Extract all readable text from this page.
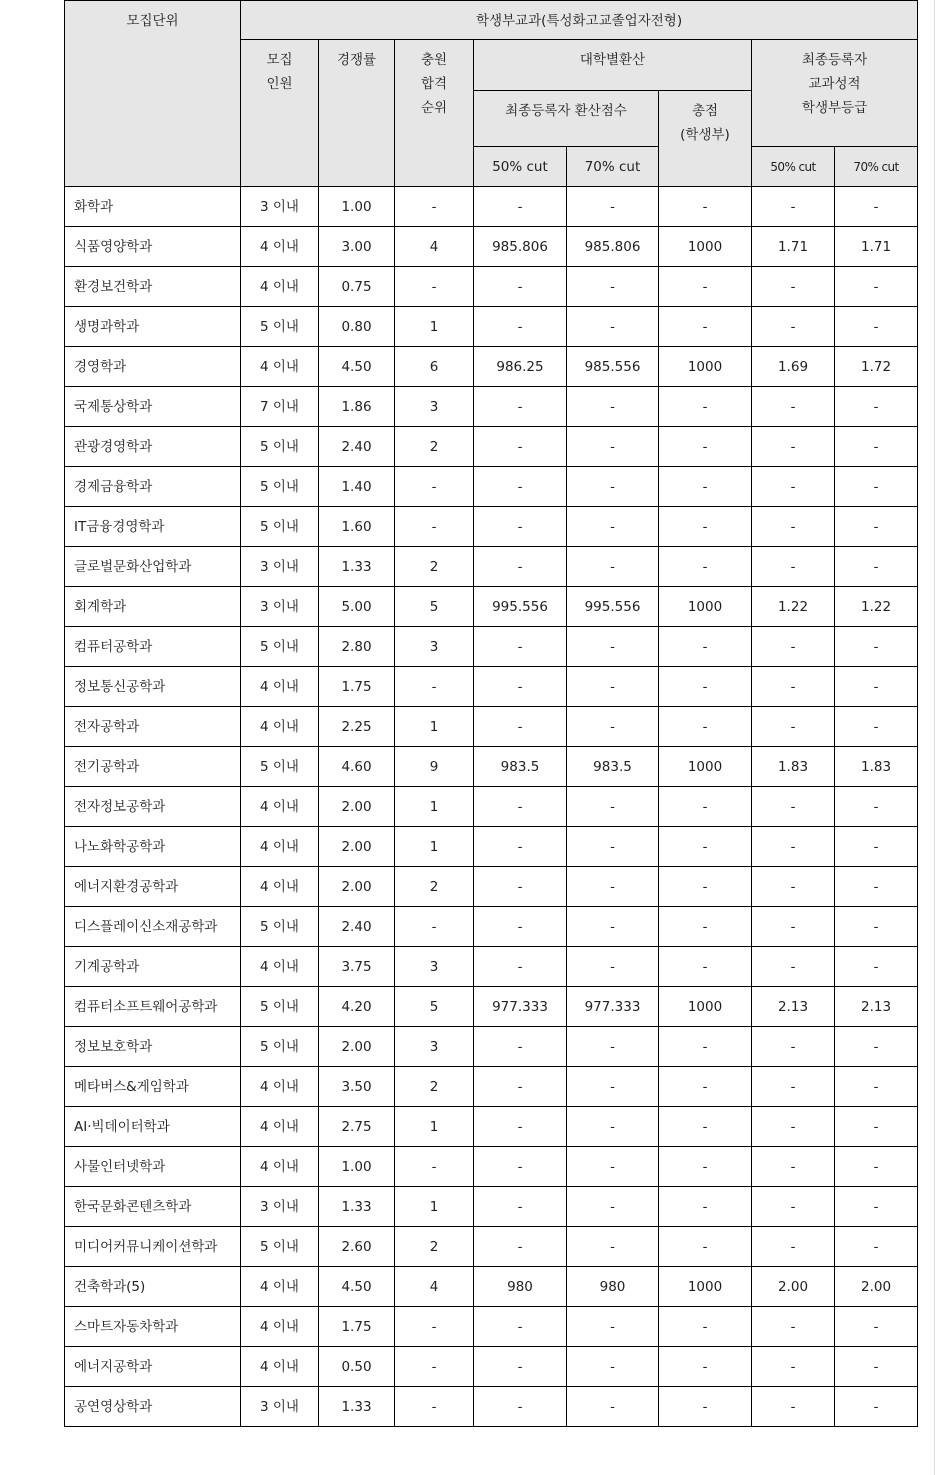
모집단위	학생부교과(특성화고교졸업자전형)							
	모집
인원	경쟁률	충원
합격
순위	대학별환산			최종등록자
교과성적
학생부등급	
				최종등록자 환산점수		총점
(학생부)		
				50% cut	70% cut		50% cut	70% cut
화학과	3 이내	1.00	-	-	-	-	-	-
식품영양학과	4 이내	3.00	4	985.806	985.806	1000	1.71	1.71
환경보건학과	4 이내	0.75	-	-	-	-	-	-
생명과학과	5 이내	0.80	1	-	-	-	-	-
경영학과	4 이내	4.50	6	986.25	985.556	1000	1.69	1.72
국제통상학과	7 이내	1.86	3	-	-	-	-	-
관광경영학과	5 이내	2.40	2	-	-	-	-	-
경제금융학과	5 이내	1.40	-	-	-	-	-	-
IT금융경영학과	5 이내	1.60	-	-	-	-	-	-
글로벌문화산업학과	3 이내	1.33	2	-	-	-	-	-
회계학과	3 이내	5.00	5	995.556	995.556	1000	1.22	1.22
컴퓨터공학과	5 이내	2.80	3	-	-	-	-	-
정보통신공학과	4 이내	1.75	-	-	-	-	-	-
전자공학과	4 이내	2.25	1	-	-	-	-	-
전기공학과	5 이내	4.60	9	983.5	983.5	1000	1.83	1.83
전자정보공학과	4 이내	2.00	1	-	-	-	-	-
나노화학공학과	4 이내	2.00	1	-	-	-	-	-
에너지환경공학과	4 이내	2.00	2	-	-	-	-	-
디스플레이신소재공학과	5 이내	2.40	-	-	-	-	-	-
기계공학과	4 이내	3.75	3	-	-	-	-	-
컴퓨터소프트웨어공학과	5 이내	4.20	5	977.333	977.333	1000	2.13	2.13
정보보호학과	5 이내	2.00	3	-	-	-	-	-
메타버스&게임학과	4 이내	3.50	2	-	-	-	-	-
AI·빅데이터학과	4 이내	2.75	1	-	-	-	-	-
사물인터넷학과	4 이내	1.00	-	-	-	-	-	-
한국문화콘텐츠학과	3 이내	1.33	1	-	-	-	-	-
미디어커뮤니케이션학과	5 이내	2.60	2	-	-	-	-	-
건축학과(5)	4 이내	4.50	4	980	980	1000	2.00	2.00
스마트자동차학과	4 이내	1.75	-	-	-	-	-	-
에너지공학과	4 이내	0.50	-	-	-	-	-	-
공연영상학과	3 이내	1.33	-	-	-	-	-	-
